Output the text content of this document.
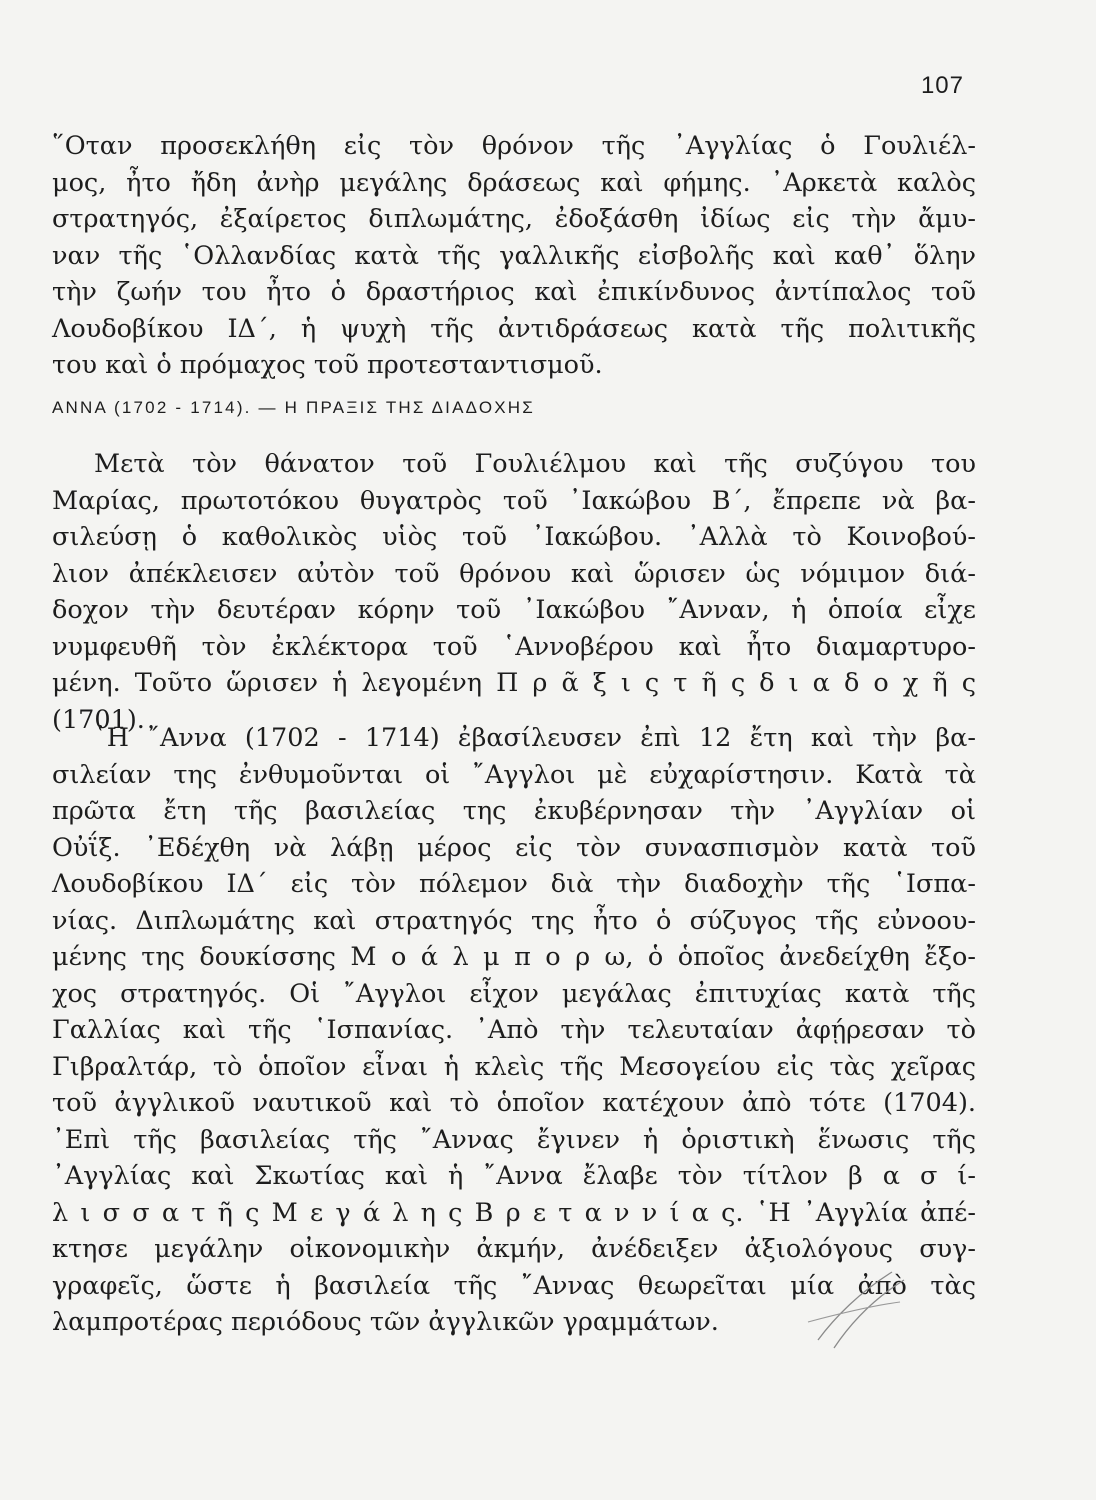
107
῞Οταν προσεκλήθη εἰς τὸν θρόνον τῆς ᾿Αγγλίας ὁ Γουλιέλ-
μος, ἦτο ἤδη ἀνὴρ μεγάλης δράσεως καὶ φήμης. ᾿Αρκετὰ καλὸς
στρατηγός, ἐξαίρετος διπλωμάτης, ἐδοξάσθη ἰδίως εἰς τὴν ἄμυ-
ναν τῆς ῾Ολλανδίας κατὰ τῆς γαλλικῆς εἰσβολῆς καὶ καθ᾿ ὅλην
τὴν ζωήν του ἦτο ὁ δραστήριος καὶ ἐπικίνδυνος ἀντίπαλος τοῦ
Λουδοβίκου ΙΔ΄, ἡ ψυχὴ τῆς ἀντιδράσεως κατὰ τῆς πολιτικῆς
του καὶ ὁ πρόμαχος τοῦ προτεσταντισμοῦ.
ΑΝΝΑ (1702 - 1714). — Η ΠΡΑΞΙΣ ΤΗΣ ΔΙΑΔΟΧΗΣ
Μετὰ τὸν θάνατον τοῦ Γουλιέλμου καὶ τῆς συζύγου του
Μαρίας, πρωτοτόκου θυγατρὸς τοῦ ᾿Ιακώβου Β΄, ἔπρεπε νὰ βα-
σιλεύσῃ ὁ καθολικὸς υἱὸς τοῦ ᾿Ιακώβου. ᾿Αλλὰ τὸ Κοινοβού-
λιον ἀπέκλεισεν αὐτὸν τοῦ θρόνου καὶ ὥρισεν ὡς νόμιμον διά-
δοχον τὴν δευτέραν κόρην τοῦ ᾿Ιακώβου ῎Ανναν, ἡ ὁποία εἶχε
νυμφευθῆ τὸν ἐκλέκτορα τοῦ ῾Αννοβέρου καὶ ἦτο διαμαρτυρο-
μένη. Τοῦτο ὥρισεν ἡ λεγομένη Π ρ ᾶ ξ ι ς τ ῆ ς δ ι α δ ο χ ῆ ς
(1701).
῾Η ῎Αννα (1702 - 1714) ἐβασίλευσεν ἐπὶ 12 ἔτη καὶ τὴν βα-
σιλείαν της ἐνθυμοῦνται οἱ ῎Αγγλοι μὲ εὐχαρίστησιν. Κατὰ τὰ
πρῶτα ἔτη τῆς βασιλείας της ἐκυβέρνησαν τὴν ᾿Αγγλίαν οἱ
Οὐΐξ. ᾿Εδέχθη νὰ λάβῃ μέρος εἰς τὸν συνασπισμὸν κατὰ τοῦ
Λουδοβίκου ΙΔ΄ εἰς τὸν πόλεμον διὰ τὴν διαδοχὴν τῆς ῾Ισπα-
νίας. Διπλωμάτης καὶ στρατηγός της ἦτο ὁ σύζυγος τῆς εὐνοου-
μένης της δουκίσσης Μ ο ά λ μ π ο ρ ω, ὁ ὁποῖος ἀνεδείχθη ἔξο-
χος στρατηγός. Οἱ ῎Αγγλοι εἶχον μεγάλας ἐπιτυχίας κατὰ τῆς
Γαλλίας καὶ τῆς ῾Ισπανίας. ᾿Απὸ τὴν τελευταίαν ἀφῄρεσαν τὸ
Γιβραλτάρ, τὸ ὁποῖον εἶναι ἡ κλεὶς τῆς Μεσογείου εἰς τὰς χεῖρας
τοῦ ἀγγλικοῦ ναυτικοῦ καὶ τὸ ὁποῖον κατέχουν ἀπὸ τότε (1704).
᾿Επὶ τῆς βασιλείας τῆς ῎Αννας ἔγινεν ἡ ὁριστικὴ ἕνωσις τῆς
᾿Αγγλίας καὶ Σκωτίας καὶ ἡ ῎Αννα ἔλαβε τὸν τίτλον β α σ ί-
λ ι σ σ α τ ῆ ς Μ ε γ ά λ η ς Β ρ ε τ α ν ν ί α ς. ῾Η ᾿Αγγλία ἀπέ-
κτησε μεγάλην οἰκονομικὴν ἀκμήν, ἀνέδειξεν ἀξιολόγους συγ-
γραφεῖς, ὥστε ἡ βασιλεία τῆς ῎Αννας θεωρεῖται μία ἀπὸ τὰς
λαμπροτέρας περιόδους τῶν ἀγγλικῶν γραμμάτων.
